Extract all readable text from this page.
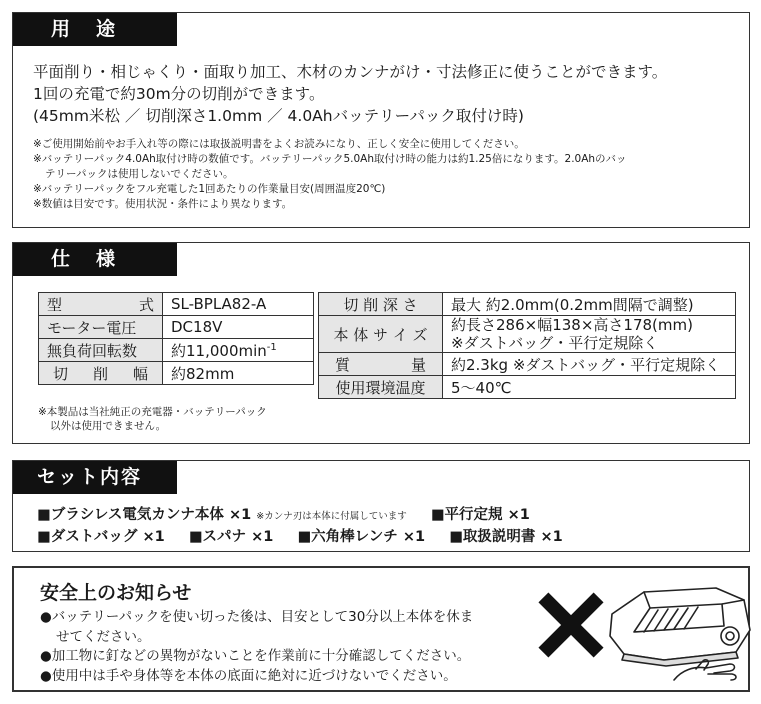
用途
平面削り・相じゃくり・面取り加工、木材のカンナがけ・寸法修正に使うことができます。
1回の充電で約30m分の切削ができます。
(45mm米松 ／ 切削深さ1.0mm ／ 4.0Ahバッテリーパック取付け時)
※ご使用開始前やお手入れ等の際には取扱説明書をよくお読みになり、正しく安全に使用してください。
※バッテリーパック4.0Ah取付け時の数値です。バッテリーパック5.0Ah取付け時の能力は約1.25倍になります。2.0Ahのバッ
テリーパックは使用しないでください。
※バッテリーパックをフル充電した1回あたりの作業量目安(周囲温度20℃)
※数値は目安です。使用状況・条件により異なります。
仕様
型 式	SL-BPLA82-A
モーター電圧	DC18V
無負荷回転数	約$11,000\min^{-1}$

切 削 幅	約82mm
切 削 深 さ	最大 約2.0mm(0.2mm間隔で調整)
本 体 サ イ ズ	約長さ286×幅138×高さ178(mm)
※ダストバッグ・平行定規除く

質 量	約2.3kg ※ダストバッグ・平行定規除く
使用環境温度	5～40℃
※本製品は当社純正の充電器・バッテリーパック
以外は使用できません。
セット内容
■ブラシレス電気カンナ本体 ×1 ※カンナ刃は本体に付属しています ■平行定規 ×1
■ダストバッグ ×1 ■スパナ ×1 ■六角棒レンチ ×1 ■取扱説明書 ×1
安全上のお知らせ
●バッテリーパックを使い切った後は、目安として30分以上本体を休ま
せてください。
●加工物に釘などの異物がないことを作業前に十分確認してください。
●使用中は手や身体等を本体の底面に絶対に近づけないでください。
